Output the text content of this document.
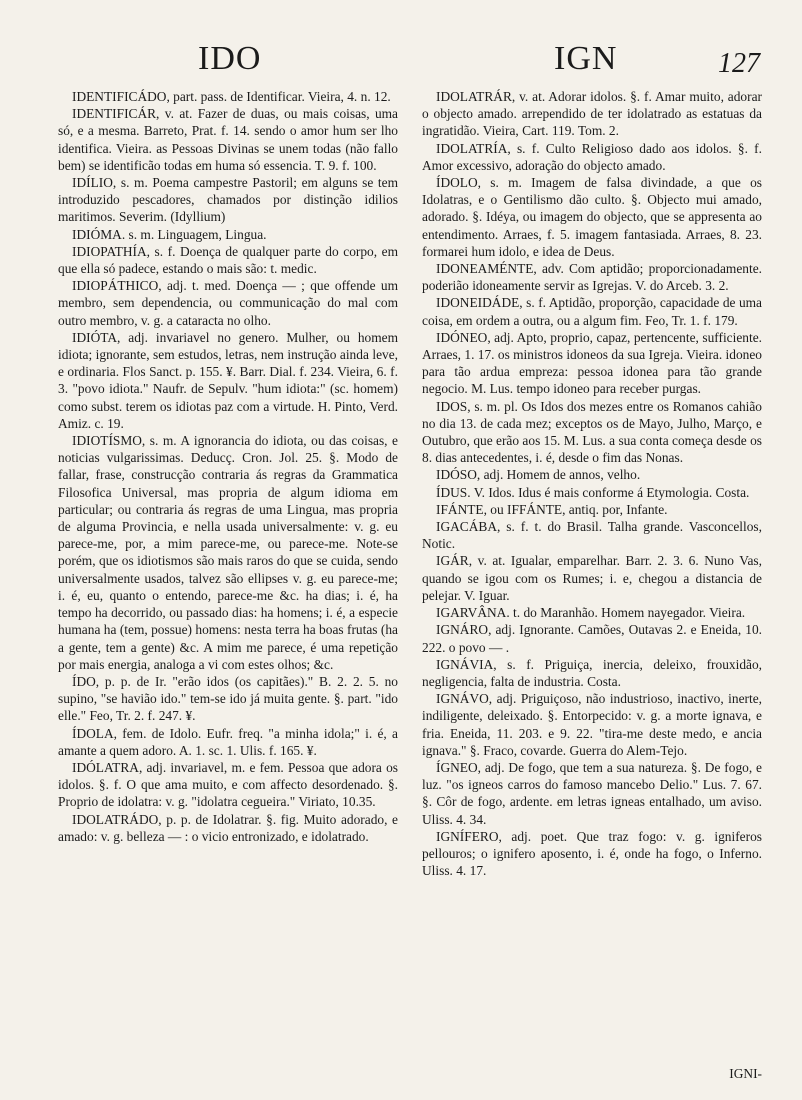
IDO	IGN	127

IDENTIFICÁDO, part. pass. de Identificar. Vieira, 4. n. 12.

IDENTIFICÁR, v. at. Fazer de duas, ou mais coisas, uma só, e a mesma. Barreto, Prat. f. 14. sendo o amor hum ser lho identifica. Vieira. as Pessoas Divinas se unem todas (não fallo bem) se identificão todas em huma só essencia. T. 9. f. 100.

IDÍLIO, s. m. Poema campestre Pastoril; em alguns se tem introduzido pescadores, chamados por distinção idilios maritimos. Severim. (Idyllium)

IDIÓMA. s. m. Linguagem, Lingua.

IDIOPATHÍA, s. f. Doença de qualquer parte do corpo, em que ella só padece, estando o mais são: t. medic.

IDIOPÁTHICO, adj. t. med. Doença — ; que offende um membro, sem dependencia, ou communicação do mal com outro membro, v. g. a cataracta no olho.

IDIÓTA, adj. invariavel no genero. Mulher, ou homem idiota; ignorante, sem estudos, letras, nem instrução ainda leve, e ordinaria. Flos Sanct. p. 155. ¥. Barr. Dial. f. 234. Vieira, 6. f. 3. "povo idiota." Naufr. de Sepulv. "hum idiota:" (sc. homem) como subst. terem os idiotas paz com a virtude. H. Pinto, Verd. Amiz. c. 19.

IDIOTÍSMO, s. m. A ignorancia do idiota, ou das coisas, e noticias vulgarissimas. Deducç. Cron. Jol. 25. §. Modo de fallar, frase, construcção contraria ás regras da Grammatica Filosofica Universal, mas propria de algum idioma em particular; ou contraria ás regras de uma Lingua, mas propria de alguma Provincia, e nella usada universalmente: v. g. eu parece-me, por, a mim parece-me, ou parece-me. Note-se porém, que os idiotismos são mais raros do que se cuida, sendo universalmente usados, talvez são ellipses v. g. eu parece-me; i. é, eu, quanto o entendo, parece-me &c. ha dias; i. é, ha tempo ha decorrido, ou passado dias: ha homens; i. é, a especie humana ha (tem, possue) homens: nesta terra ha boas frutas (ha a gente, tem a gente) &c. A mim me parece, é uma repetição por mais energia, analoga a vi com estes olhos; &c.

ÍDO, p. p. de Ir. "erão idos (os capitães)." B. 2. 2. 5. no supino, "se havião ido." tem-se ido já muita gente. §. part. "ido elle." Feo, Tr. 2. f. 247. ¥.

ÍDOLA, fem. de Idolo. Eufr. freq. "a minha idola;" i. é, a amante a quem adoro. A. 1. sc. 1. Ulis. f. 165. ¥.

IDÓLATRA, adj. invariavel, m. e fem. Pessoa que adora os idolos. §. f. O que ama muito, e com affecto desordenado. §. Proprio de idolatra: v. g. "idolatra cegueira." Viriato, 10.35.

IDOLATRÁDO, p. p. de Idolatrar. §. fig. Muito adorado, e amado: v. g. belleza — : o vicio entronizado, e idolatrado.

IDOLATRÁR, v. at. Adorar idolos. §. f. Amar muito, adorar o objecto amado. arrependido de ter idolatrado as estatuas da ingratidão. Vieira, Cart. 119. Tom. 2.

IDOLATRÍA, s. f. Culto Religioso dado aos idolos. §. f. Amor excessivo, adoração do objecto amado.

ÍDOLO, s. m. Imagem de falsa divindade, a que os Idolatras, e o Gentilismo dão culto. §. Objecto mui amado, adorado. §. Idéya, ou imagem do objecto, que se appresenta ao entendimento. Arraes, f. 5. imagem fantasiada. Arraes, 8. 23. formarei hum idolo, e idea de Deus.

IDONEAMÉNTE, adv. Com aptidão; proporcionadamente. poderião idoneamente servir as Igrejas. V. do Arceb. 3. 2.

IDONEIDÁDE, s. f. Aptidão, proporção, capacidade de uma coisa, em ordem a outra, ou a algum fim. Feo, Tr. 1. f. 179.

IDÓNEO, adj. Apto, proprio, capaz, pertencente, sufficiente. Arraes, 1. 17. os ministros idoneos da sua Igreja. Vieira. idoneo para tão ardua empreza: pessoa idonea para tão grande negocio. M. Lus. tempo idoneo para receber purgas.

IDOS, s. m. pl. Os Idos dos mezes entre os Romanos cahião no dia 13. de cada mez; exceptos os de Mayo, Julho, Março, e Outubro, que erão aos 15. M. Lus. a sua conta começa desde os 8. dias antecedentes, i. é, desde o fim das Nonas.

IDÓSO, adj. Homem de annos, velho.

ÍDUS. V. Idos. Idus é mais conforme á Etymologia. Costa.

IFÁNTE, ou IFFÁNTE, antiq. por, Infante.

IGACÁBA, s. f. t. do Brasil. Talha grande. Vasconcellos, Notic.

IGÁR, v. at. Igualar, emparelhar. Barr. 2. 3. 6. Nuno Vas, quando se igou com os Rumes; i. e, chegou a distancia de pelejar. V. Iguar.

IGARVÂNA. t. do Maranhão. Homem nayegador. Vieira.

IGNÁRO, adj. Ignorante. Camões, Outavas 2. e Eneida, 10. 222. o povo — .

IGNÁVIA, s. f. Priguiça, inercia, deleixo, frouxidão, negligencia, falta de industria. Costa.

IGNÁVO, adj. Priguiçoso, não industrioso, inactivo, inerte, indiligente, deleixado. §. Entorpecido: v. g. a morte ignava, e fria. Eneida, 11. 203. e 9. 22. "tira-me deste medo, e ancia ignava." §. Fraco, covarde. Guerra do Alem-Tejo.

ÍGNEO, adj. De fogo, que tem a sua natureza. §. De fogo, e luz. "os igneos carros do famoso mancebo Delio." Lus. 7. 67. §. Côr de fogo, ardente. em letras igneas entalhado, um aviso. Uliss. 4. 34.

IGNÍFERO, adj. poet. Que traz fogo: v. g. igniferos pellouros; o ignifero aposento, i. é, onde ha fogo, o Inferno. Uliss. 4. 17.

IGNI-
